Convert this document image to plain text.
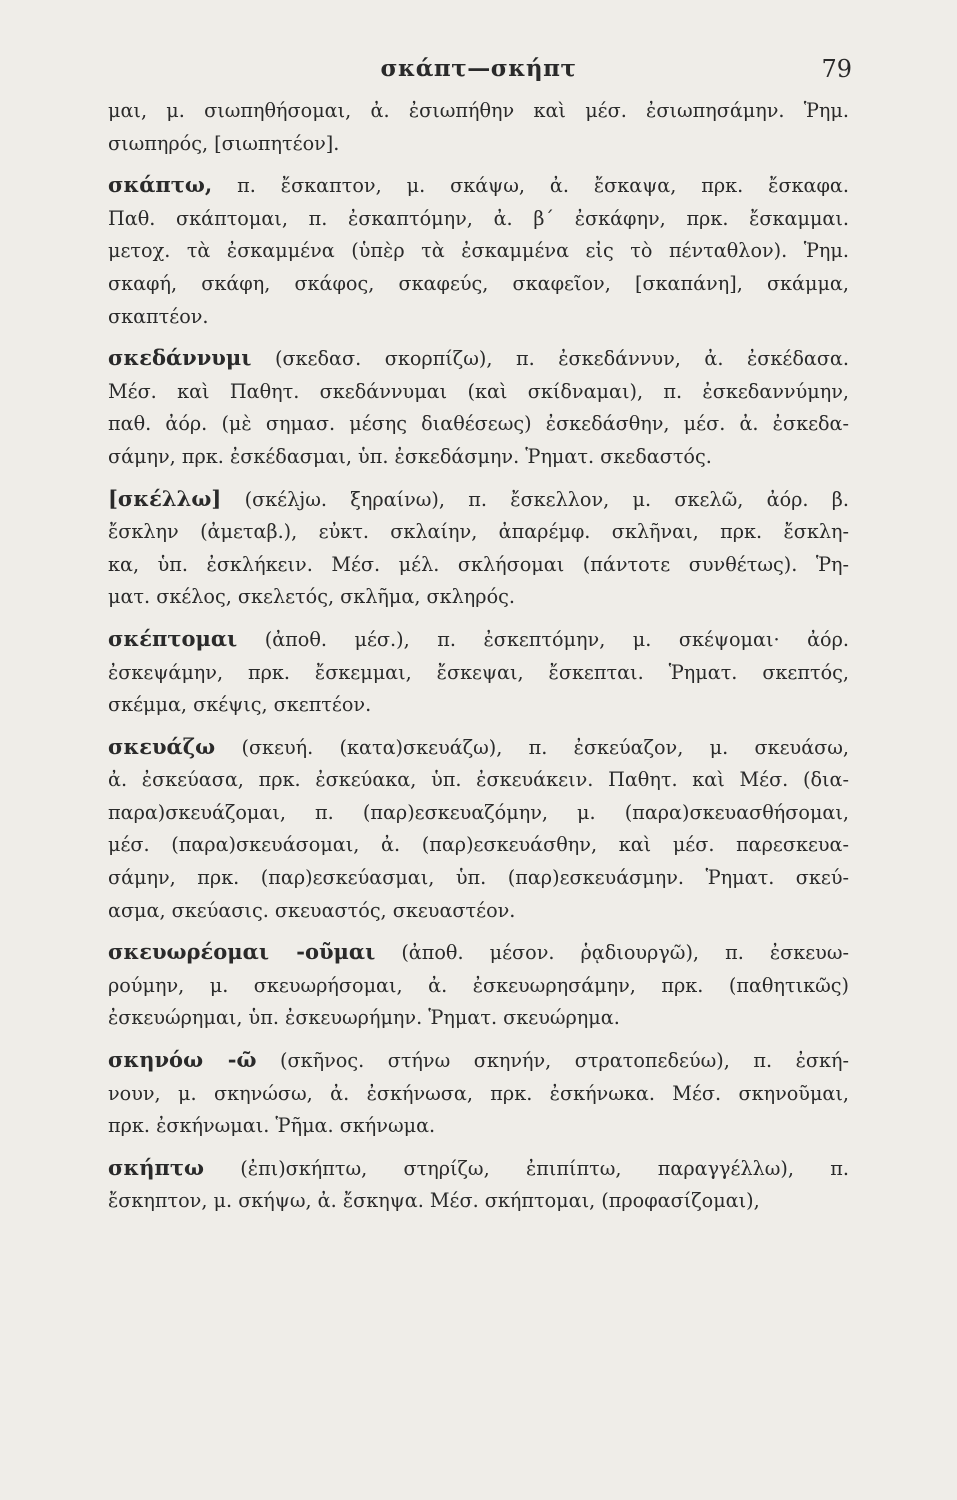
σκάπτ—σκήπτ	79
μαι, μ. σιωπηθήσομαι, ἀ. ἐσιωπήθην καὶ μέσ. ἐσιωπησάμην. Ῥημ.
σιωπηρός, [σιωπητέον].
σκάπτω, π. ἔσκαπτον, μ. σκάψω, ἀ. ἔσκαψα, πρκ. ἔσκαφα.
Παθ. σκάπτομαι, π. ἐσκαπτόμην, ἀ. β΄ ἐσκάφην, πρκ. ἔσκαμμαι.
μετοχ. τὰ ἐσκαμμένα (ὑπὲρ τὰ ἐσκαμμένα εἰς τὸ πένταθλον). Ῥημ.
σκαφή, σκάφη, σκάφος, σκαφεύς, σκαφεῖον, [σκαπάνη], σκάμμα,
σκαπτέον.
σκεδάννυμι (σκεδασ. σκορπίζω), π. ἐσκεδάννυν, ἀ. ἐσκέδασα.
Μέσ. καὶ Παθητ. σκεδάννυμαι (καὶ σκίδναμαι), π. ἐσκεδαννύμην,
παθ. ἀόρ. (μὲ σημασ. μέσης διαθέσεως) ἐσκεδάσθην, μέσ. ἀ. ἐσκεδα-
σάμην, πρκ. ἐσκέδασμαι, ὑπ. ἐσκεδάσμην. Ῥηματ. σκεδαστός.
[σκέλλω] (σκέλjω. ξηραίνω), π. ἔσκελλον, μ. σκελῶ, ἀόρ. β.
ἔσκλην (ἀμεταβ.), εὐκτ. σκλαίην, ἀπαρέμφ. σκλῆναι, πρκ. ἔσκλη-
κα, ὑπ. ἐσκλήκειν. Μέσ. μέλ. σκλήσομαι (πάντοτε συνθέτως). Ῥη-
ματ. σκέλος, σκελετός, σκλῆμα, σκληρός.
σκέπτομαι (ἀποθ. μέσ.), π. ἐσκεπτόμην, μ. σκέψομαι· ἀόρ.
ἐσκεψάμην, πρκ. ἔσκεμμαι, ἔσκεψαι, ἔσκεπται. Ῥηματ. σκεπτός,
σκέμμα, σκέψις, σκεπτέον.
σκευάζω (σκευή. (κατα)σκευάζω), π. ἐσκεύαζον, μ. σκευάσω,
ἀ. ἐσκεύασα, πρκ. ἐσκεύακα, ὑπ. ἐσκευάκειν. Παθητ. καὶ Μέσ. (δια-
παρα)σκευάζομαι, π. (παρ)εσκευαζόμην, μ. (παρα)σκευασθήσομαι,
μέσ. (παρα)σκευάσομαι, ἀ. (παρ)εσκευάσθην, καὶ μέσ. παρεσκευα-
σάμην, πρκ. (παρ)εσκεύασμαι, ὑπ. (παρ)εσκευάσμην. Ῥηματ. σκεύ-
ασμα, σκεύασις. σκευαστός, σκευαστέον.
σκευωρέομαι -οῦμαι (ἀποθ. μέσον. ῥᾳδιουργῶ), π. ἐσκευω-
ρούμην, μ. σκευωρήσομαι, ἀ. ἐσκευωρησάμην, πρκ. (παθητικῶς)
ἐσκευώρημαι, ὑπ. ἐσκευωρήμην. Ῥηματ. σκευώρημα.
σκηνόω -ῶ (σκῆνος. στήνω σκηνήν, στρατοπεδεύω), π. ἐσκή-
νουν, μ. σκηνώσω, ἀ. ἐσκήνωσα, πρκ. ἐσκήνωκα. Μέσ. σκηνοῦμαι,
πρκ. ἐσκήνωμαι. Ῥῆμα. σκήνωμα.
σκήπτω (ἐπι)σκήπτω, στηρίζω, ἐπιπίπτω, παραγγέλλω), π.
ἔσκηπτον, μ. σκήψω, ἀ. ἔσκηψα. Μέσ. σκήπτομαι, (προφασίζομαι),
